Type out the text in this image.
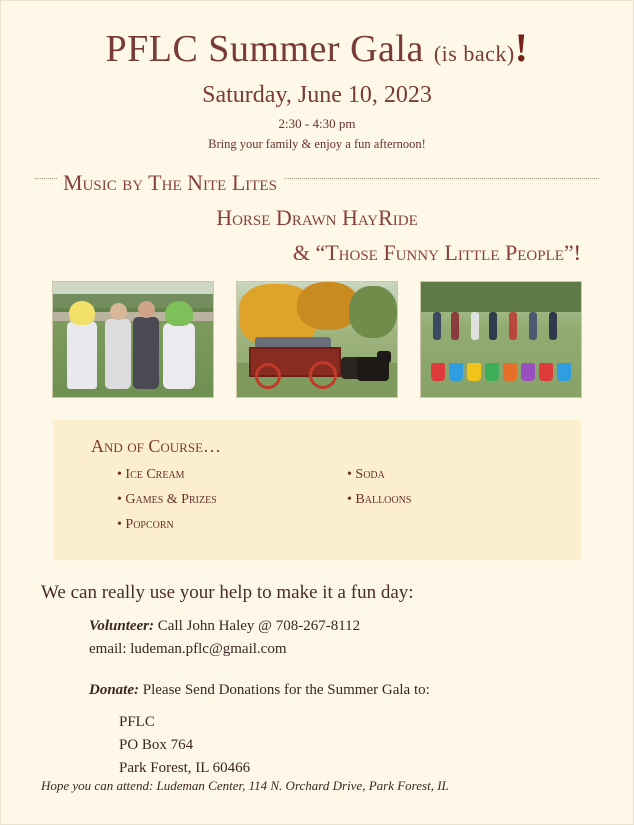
PFLC Summer Gala (is back)!
Saturday, June 10, 2023
2:30 - 4:30 pm
Bring your family & enjoy a fun afternoon!
Music by The Nite Lites
Horse Drawn HayRide
& “Those Funny Little People”!
And of Course…
• Ice Cream
• Games & Prizes
• Popcorn
• Soda
• Balloons
We can really use your help to make it a fun day:
Volunteer: Call John Haley @ 708-267-8112
email: ludeman.pflc@gmail.com
Donate: Please Send Donations for the Summer Gala to:
PFLC
PO Box 764
Park Forest, IL 60466
Hope you can attend: Ludeman Center, 114 N. Orchard Drive, Park Forest, IL
